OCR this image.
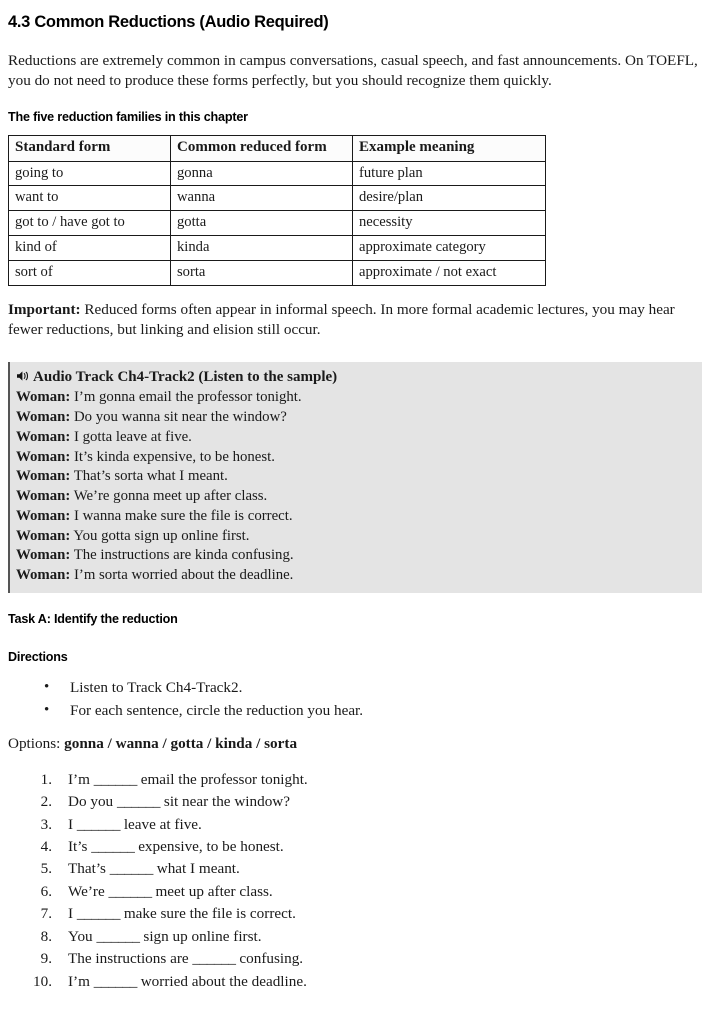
4.3 Common Reductions (Audio Required)

Reductions are extremely common in campus conversations, casual speech, and fast announcements. On TOEFL, you do not need to produce these forms perfectly, but you should recognize them quickly.

The five reduction families in this chapter
Standard form	Common reduced form	Example meaning
going to	gonna	future plan
want to	wanna	desire/plan
got to / have got to	gotta	necessity
kind of	kinda	approximate category
sort of	sorta	approximate / not exact

Important: Reduced forms often appear in informal speech. In more formal academic lectures, you may hear fewer reductions, but linking and elision still occur.

Audio Track Ch4-Track2 (Listen to the sample)

Woman: I’m gonna email the professor tonight.

Woman: Do you wanna sit near the window?

Woman: I gotta leave at five.

Woman: It’s kinda expensive, to be honest.

Woman: That’s sorta what I meant.

Woman: We’re gonna meet up after class.

Woman: I wanna make sure the file is correct.

Woman: You gotta sign up online first.

Woman: The instructions are kinda confusing.

Woman: I’m sorta worried about the deadline.

Task A: Identify the reduction
Directions
• Listen to Track Ch4-Track2.
• For each sentence, circle the reduction you hear.

Options: gonna / wanna / gotta / kinda / sorta

1. I’m ______ email the professor tonight.
2. Do you ______ sit near the window?
3. I ______ leave at five.
4. It’s ______ expensive, to be honest.
5. That’s ______ what I meant.
6. We’re ______ meet up after class.
7. I ______ make sure the file is correct.
8. You ______ sign up online first.
9. The instructions are ______ confusing.
10. I’m ______ worried about the deadline.
